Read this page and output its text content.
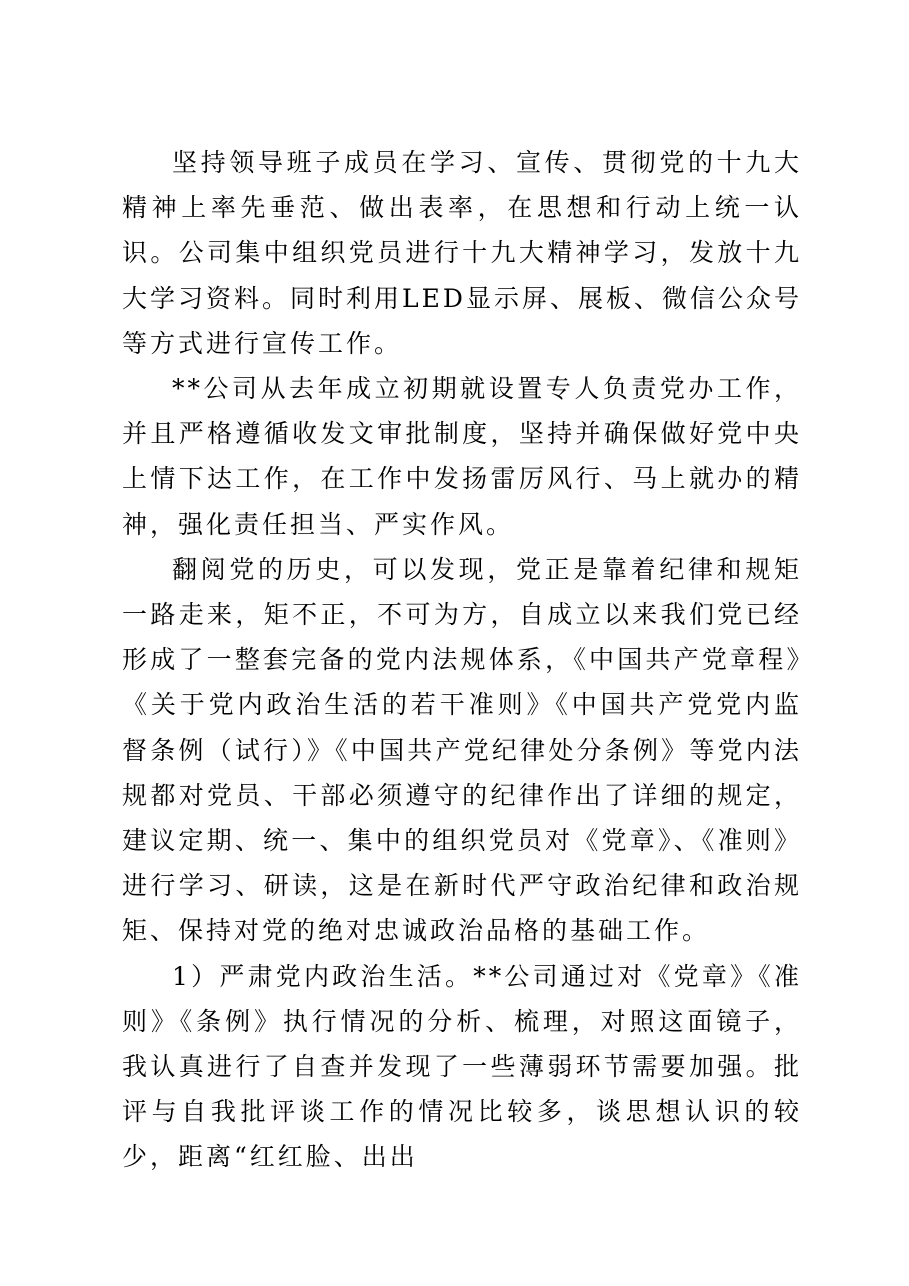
坚持领导班子成员在学习、宣传、贯彻党的十九大精神上率先垂范、做出表率，在思想和行动上统一认识。公司集中组织党员进行十九大精神学习，发放十九大学习资料。同时利用LED显示屏、展板、微信公众号等方式进行宣传工作。

**公司从去年成立初期就设置专人负责党办工作，并且严格遵循收发文审批制度，坚持并确保做好党中央上情下达工作，在工作中发扬雷厉风行、马上就办的精神，强化责任担当、严实作风。

翻阅党的历史，可以发现，党正是靠着纪律和规矩一路走来，矩不正，不可为方，自成立以来我们党已经形成了一整套完备的党内法规体系，《中国共产党章程》《关于党内政治生活的若干准则》《中国共产党党内监督条例（试行）》《中国共产党纪律处分条例》等党内法规都对党员、干部必须遵守的纪律作出了详细的规定，建议定期、统一、集中的组织党员对《党章》、《准则》进行学习、研读，这是在新时代严守政治纪律和政治规矩、保持对党的绝对忠诚政治品格的基础工作。

1）严肃党内政治生活。**公司通过对《党章》《准则》《条例》执行情况的分析、梳理，对照这面镜子，我认真进行了自查并发现了一些薄弱环节需要加强。批评与自我批评谈工作的情况比较多，谈思想认识的较少，距离“红红脸、出出
